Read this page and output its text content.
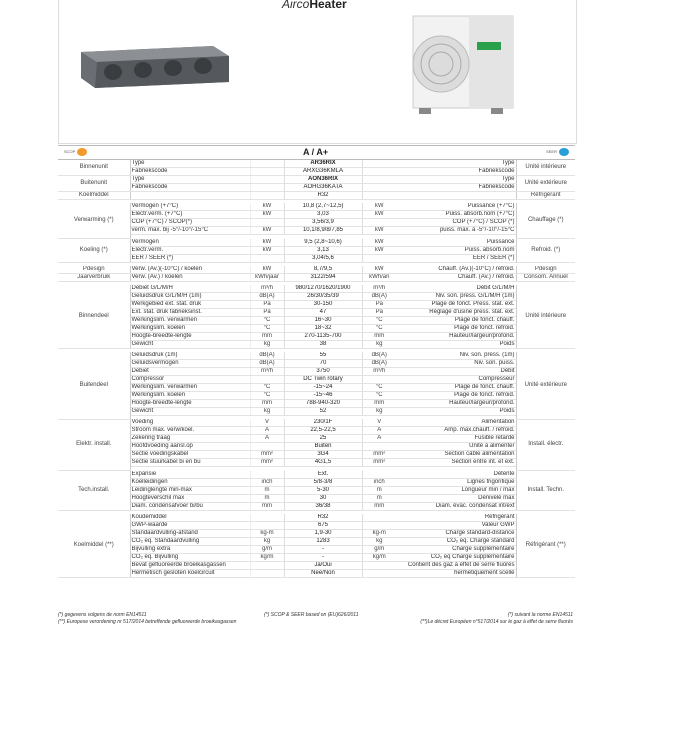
AircoHeater
SCOP	A / A+	SEER
Binnenunit	Type		AR36RIX		Type	Unité intérieure
	Fabriekscode		ARXG36KMLA		Fabriekscode	
Buitenunit	Type		AON36RIX		Type	Unité extérieure
	Fabriekscode		AOHG36KATA		Fabriekscode	
Koelmiddel			R32			Réfrigérant

Verwarming (*)	Vermogen (+7°C)	kW	10,8 (2,7~12,5)	kW	Puissance (+7°C)	Chauffage (*)
	Electr.verm. (+7°C)	kW	3,03	kW	Puiss. absorb.nom (+7°C)	
	COP (+7°C) / SCOP(*)		3,56/3,9		COP (+7°C) / SCOP (*)	
	verm. max. bij -5°/-10°/-15°C	kW	10,1/8,9/8/7,85	kW	puiss. max. à -5°/-10°/-15°C	

Koeling (*)	Vermogen	kW	9,5 (2,8~10,6)	kW	Puissance	Refroid. (*)
	Electr.verm.	kW	3,13	kW	Puiss. absorb.nom	
	EER / SEER (*)		3,04/5,6		EER / SEER (*)	

Pdesign	Verw. (Av.)(-10°C) / koelen	kW	8,7/9,5	kW	Chauff. (Av.)(-10°C) / refroid.	Pdesign
Jaarverbruik	Verw. (Av.) / koelen	kWh/jaar	3122/594	kWh/an	Chauff. (Av.) / refroid.	Consom. Annuel

Binnendeel	Debiet G/L/M/H	m³/h	980/1270/1620/1900	m³/h	Débit G/L/M/H	Unité intérieure
	Geluidsdruk G/L/M/H (1m)	dB(A)	26/30/35/39	dB(A)	Niv. son. press. G/L/M/H (1m)	
	Werkgebied ext. stat. druk	Pa	30-150	Pa	Plage de fonct. Press. stat. ext.	
	Ext. stat. druk fabrieksinst.	Pa	47	Pa	Réglage d'usine press. stat. ext.	
	Werkingslim. verwarmen	°C	16~30	°C	Plage de fonct. chauff.	
	Werkingslim. koelen	°C	18~32	°C	Plage de fonct. refroid.	
	Hoogte-breedte-lengte	mm	270-1135-700	mm	Hauteur/largeur/profond.	
	Gewicht	kg	38	kg	Poids	

Buitendeel	Geluidsdruk (1m)	dB(A)	55	dB(A)	Niv. son. press. (1m)	Unité extérieure
	Geluidsvermogen	dB(A)	70	dB(A)	Niv. son. puiss.	
	Debiet	m³/h	3750	m³/h	Débit	
	Compressor		DC Twin rotary		Compresseur	
	Werkingslim. verwarmen	°C	-15~24	°C	Plage de fonct. chauff.	
	Werkingslim. koelen	°C	-15~46	°C	Plage de fonct. refroid.	
	Hoogte-breedte-lengte	mm	788-940-320	mm	Hauteur/largeur/profond.	
	Gewicht	kg	52	kg	Poids	

Elektr. install.	Voeding	V	230/1F	V	Alimentation	Install. électr.
	Stroom max. verw/koel.	A	22,5-22,5	A	Amp. max.chauff. / refroid.	
	Zekering traag	A	25	A	Fusible retardé	
	Hoofdvoeding aansl.op		Buiten		Unité à alimenter	
	Sectie voedingskabel	mm²	3G4	mm²	Section câble alimentation	
	Sectie stuurkabel bi en bu	mm²	4G1,5	mm²	Section entre int. et ext.	

Tech.install.	Expansie		Ext.		Détente	Install. Techn.
	Koelleidingen	inch	5/8-3/8	inch	Lignes frigorifique	
	Leidinglengte min-max	m	5-30	m	Longueur min / max	
	Hoogteverschil max	m	30	m	Dénivelé max	
	Diam. condensafvoer bi/bu	mm	36/38	mm	Diam. évac. condensat int/ext	

Koelmiddel (**)	Koudemiddel		R32		Réfrigérant	Réfrigérant (**)
	GWP-waarde		675		Valeur GWP	
	Standaardvulling-afstand	kg-m	1,9-30	kg-m	Charge standard-distance	
	CO₂ eq. Standaardvulling	kg	1283	kg	CO₂ eq. Charge standard	
	Bijvulling extra	g/m	-	g/m	Charge supplémentaire	
	CO₂ eq. Bijvulling	kg/m	-	kg/m	CO₂ eq Charge supplémentaire	
	Bevat gefluoreerde broeikasgassen		Ja/Oui		Contient des gaz à effet de serre fluorés	
	Hermetisch gesloten koelcircuit		Nee/Non		hermétiquement scellé	
(*) gegevens volgens de norm EN14511
(**) Europese verordening nr 517/2014 betreffende gefluoreerde broeikasgassen
(*) SCOP & SEER based on (EU)626/2011	(*) suivant la norme EN14511
(**)Le décret Européen n°517/2014 sur le gaz à effet de serre fluorés
